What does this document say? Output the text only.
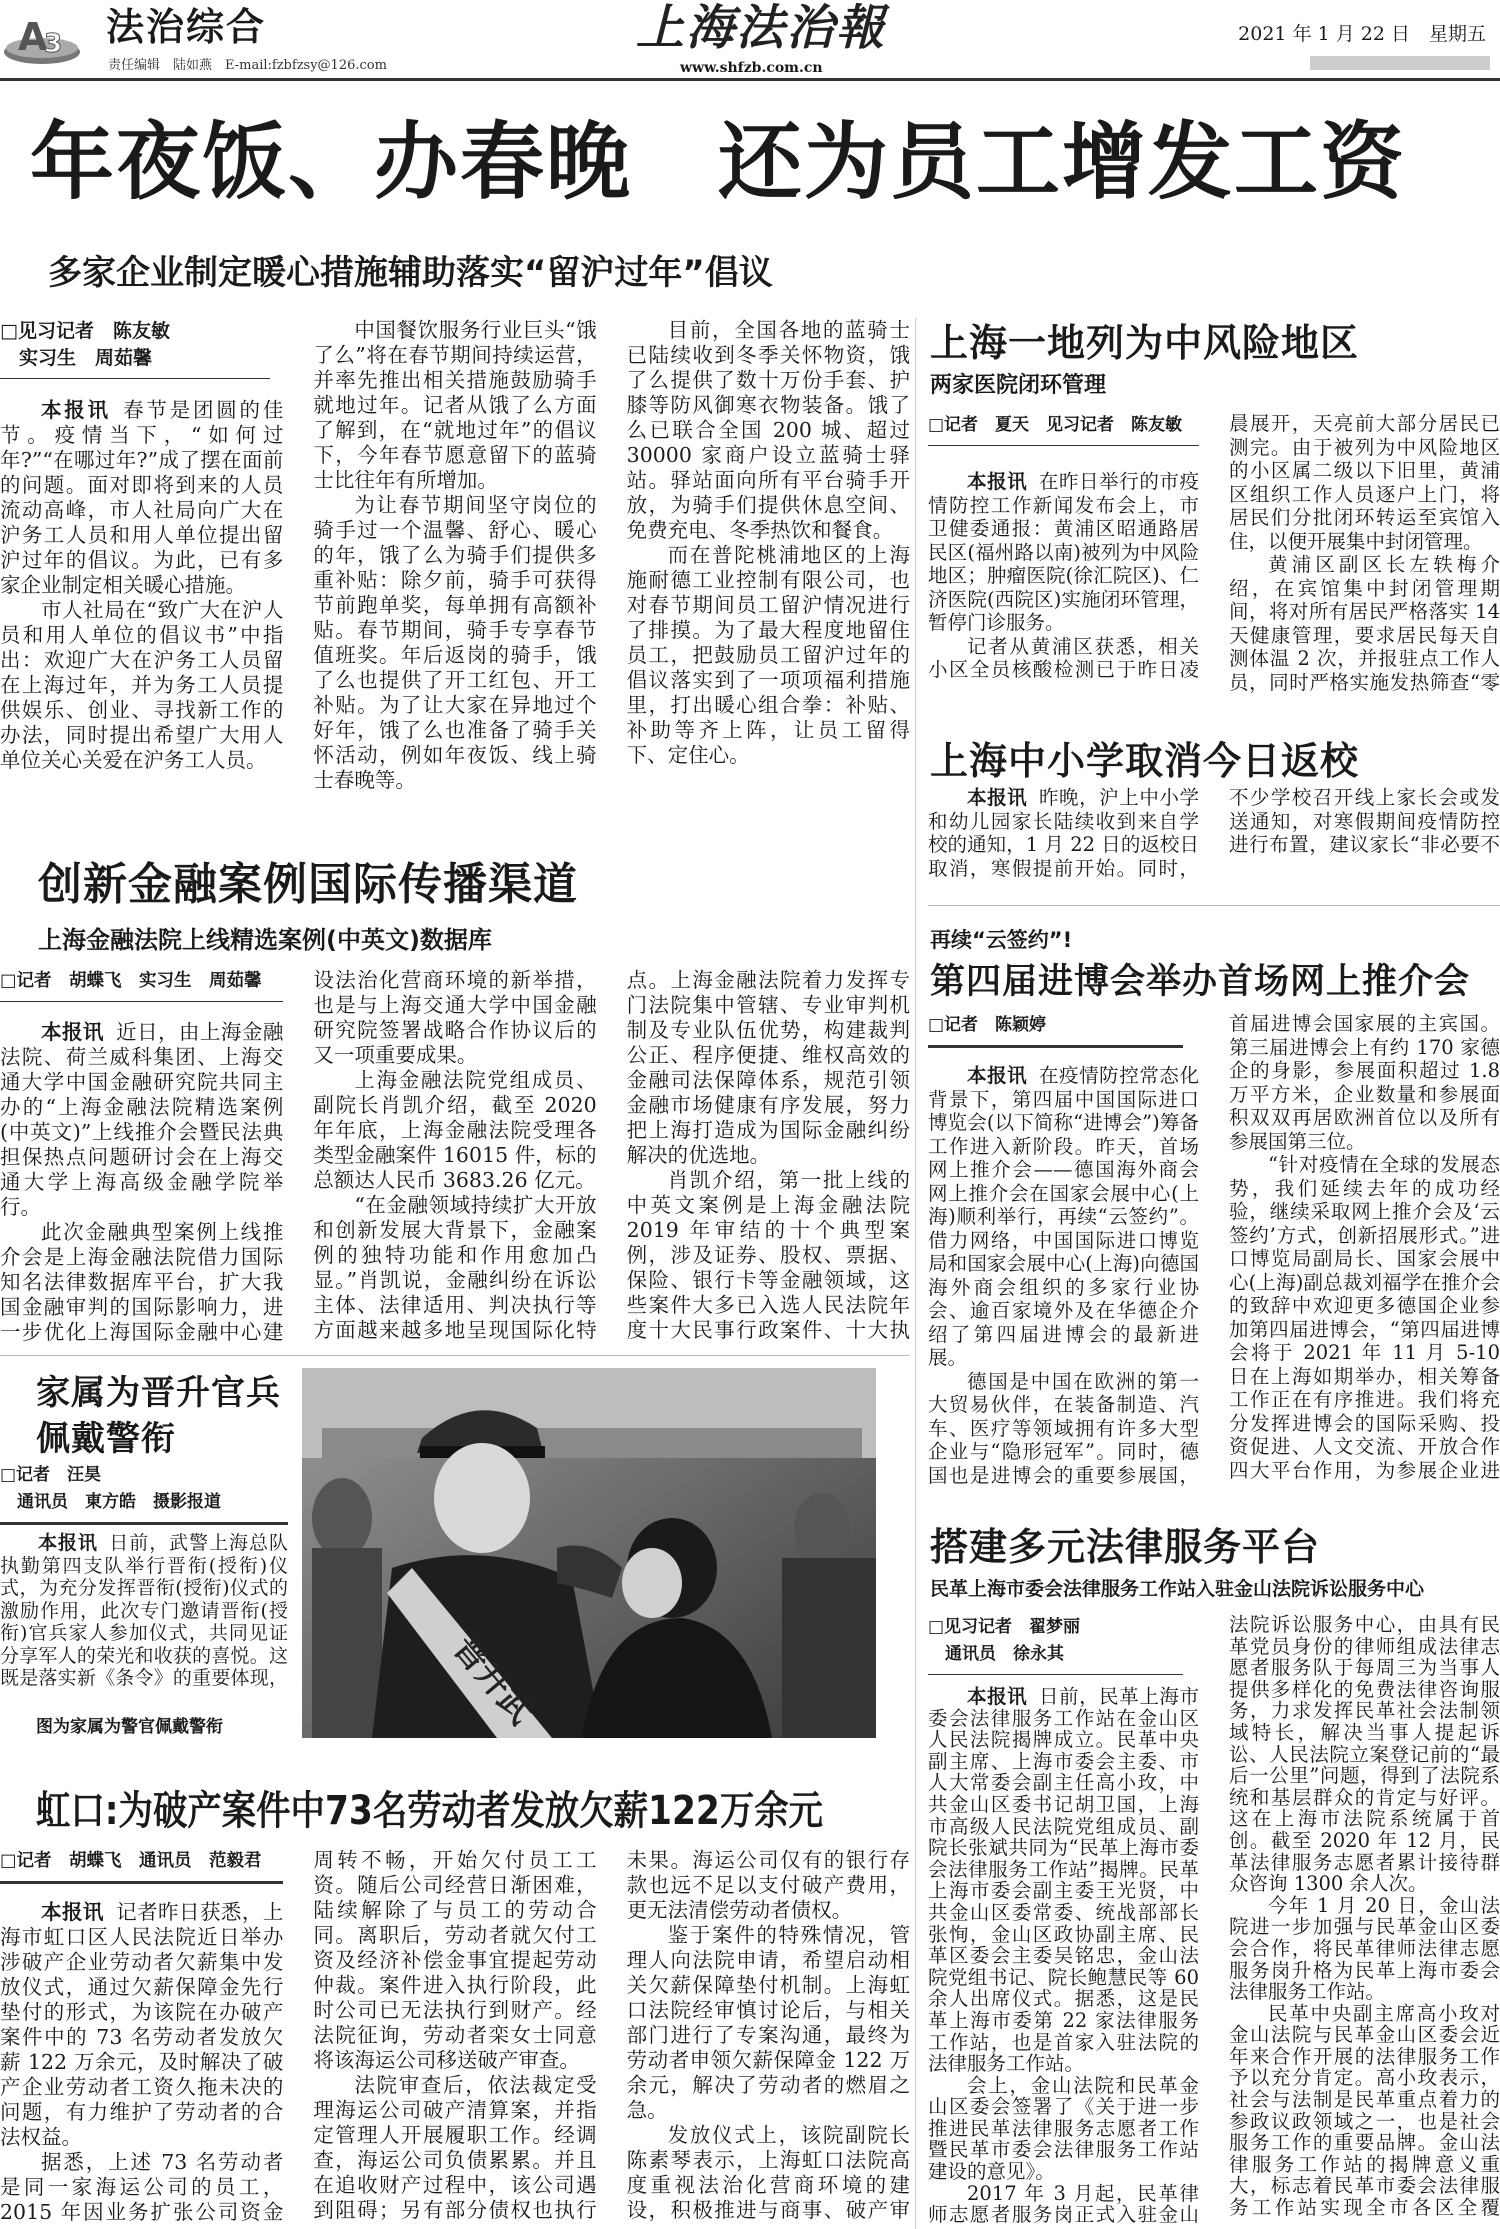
A
3 法治综合
责任编辑　陆如燕　E-mail:fzbfzsy@126.com
上海法治報
www.shfzb.com.cn
2021 年 1 月 22 日　星期五
年夜饭、办春晚　还为员工增发工资
多家企业制定暖心措施辅助落实“留沪过年”倡议
□见习记者　陈友敏
　实习生　周茹馨

本报讯 春节是团圆的佳节。疫情当下，“如何过年?”“在哪过年?”成了摆在面前的问题。面对即将到来的人员流动高峰，市人社局向广大在沪务工人员和用人单位提出留沪过年的倡议。为此，已有多家企业制定相关暖心措施。

市人社局在“致广大在沪人员和用人单位的倡议书”中指出：欢迎广大在沪务工人员留在上海过年，并为务工人员提供娱乐、创业、寻找新工作的办法，同时提出希望广大用人单位关心关爱在沪务工人员。

中国餐饮服务行业巨头“饿了么”将在春节期间持续运营，并率先推出相关措施鼓励骑手就地过年。记者从饿了么方面了解到，在“就地过年”的倡议下，今年春节愿意留下的蓝骑士比往年有所增加。

为让春节期间坚守岗位的骑手过一个温馨、舒心、暖心的年，饿了么为骑手们提供多重补贴：除夕前，骑手可获得节前跑单奖，每单拥有高额补贴。春节期间，骑手专享春节值班奖。年后返岗的骑手，饿了么也提供了开工红包、开工补贴。为了让大家在异地过个好年，饿了么也准备了骑手关怀活动，例如年夜饭、线上骑士春晚等。

目前，全国各地的蓝骑士已陆续收到冬季关怀物资，饿了么提供了数十万份手套、护膝等防风御寒衣物装备。饿了么已联合全国 200 城、超过 30000 家商户设立蓝骑士驿站。驿站面向所有平台骑手开放，为骑手们提供休息空间、免费充电、冬季热饮和餐食。

而在普陀桃浦地区的上海施耐德工业控制有限公司，也对春节期间员工留沪情况进行了排摸。为了最大程度地留住员工，把鼓励员工留沪过年的倡议落实到了一项项福利措施里，打出暖心组合拳：补贴、补助等齐上阵，让员工留得下、定住心。

上海一地列为中风险地区
两家医院闭环管理
□记者　夏天　见习记者　陈友敏

本报讯 在昨日举行的市疫情防控工作新闻发布会上，市卫健委通报：黄浦区昭通路居民区(福州路以南)被列为中风险地区；肿瘤医院(徐汇院区)、仁济医院(西院区)实施闭环管理，暂停门诊服务。

记者从黄浦区获悉，相关小区全员核酸检测已于昨日凌晨展开，天亮前大部分居民已测完。由于被列为中风险地区的小区属二级以下旧里，黄浦区组织工作人员逐户上门，将居民们分批闭环转运至宾馆入住，以便开展集中封闭管理。

黄浦区副区长左轶梅介绍，在宾馆集中封闭管理期间，将对所有居民严格落实 14 天健康管理，要求居民每天自测体温 2 次，并报驻点工作人员，同时严格实施发热筛查“零

上海中小学取消今日返校

本报讯 昨晚，沪上中小学和幼儿园家长陆续收到来自学校的通知，1 月 22 日的返校日取消，寒假提前开始。同时，不少学校召开线上家长会或发送通知，对寒假期间疫情防控进行布置，建议家长“非必要不

再续“云签约”!
第四届进博会举办首场网上推介会
□记者　陈颖婷

本报讯 在疫情防控常态化背景下，第四届中国国际进口博览会(以下简称“进博会”)筹备工作进入新阶段。昨天，首场网上推介会——德国海外商会网上推介会在国家会展中心(上海)顺利举行，再续“云签约”。借力网络，中国国际进口博览局和国家会展中心(上海)向德国海外商会组织的多家行业协会、逾百家境外及在华德企介绍了第四届进博会的最新进展。

德国是中国在欧洲的第一大贸易伙伴，在装备制造、汽车、医疗等领域拥有许多大型企业与“隐形冠军”。同时，德国也是进博会的重要参展国，首届进博会国家展的主宾国。第三届进博会上有约 170 家德企的身影，参展面积超过 1.8 万平方米，企业数量和参展面积双双再居欧洲首位以及所有参展国第三位。

“针对疫情在全球的发展态势，我们延续去年的成功经验，继续采取网上推介会及‘云签约’方式，创新招展形式。”进口博览局副局长、国家会展中心(上海)副总裁刘福学在推介会的致辞中欢迎更多德国企业参加第四届进博会，“第四届进博会将于 2021 年 11 月 5-10 日在上海如期举办，相关筹备工作正在有序推进。我们将充分发挥进博会的国际采购、投资促进、人文交流、开放合作四大平台作用，为参展企业进

搭建多元法律服务平台
民革上海市委会法律服务工作站入驻金山法院诉讼服务中心
□见习记者　翟梦丽
　通讯员　徐永其

本报讯 日前，民革上海市委会法律服务工作站在金山区人民法院揭牌成立。民革中央副主席、上海市委会主委、市人大常委会副主任高小玫，中共金山区委书记胡卫国，上海市高级人民法院党组成员、副院长张斌共同为“民革上海市委会法律服务工作站”揭牌。民革上海市委会副主委王光贤，中共金山区委常委、统战部部长张恂，金山区政协副主席、民革区委会主委吴铭忠，金山法院党组书记、院长鲍慧民等 60 余人出席仪式。据悉，这是民革上海市委第 22 家法律服务工作站，也是首家入驻法院的法律服务工作站。

会上，金山法院和民革金山区委会签署了《关于进一步推进民革法律服务志愿者工作暨民革市委会法律服务工作站建设的意见》。

2017 年 3 月起，民革律师志愿者服务岗正式入驻金山法院诉讼服务中心，由具有民革党员身份的律师组成法律志愿者服务队于每周三为当事人提供多样化的免费法律咨询服务，力求发挥民革社会法制领域特长，解决当事人提起诉讼、人民法院立案登记前的“最后一公里”问题，得到了法院系统和基层群众的肯定与好评。这在上海市法院系统属于首创。截至 2020 年 12 月，民革法律服务志愿者累计接待群众咨询 1300 余人次。

今年 1 月 20 日，金山法院进一步加强与民革金山区委会合作，将民革律师法律志愿服务岗升格为民革上海市委会法律服务工作站。

民革中央副主席高小玫对金山法院与民革金山区委会近年来合作开展的法律服务工作予以充分肯定。高小玫表示，社会与法制是民革重点着力的参政议政领域之一，也是社会服务工作的重要品牌。金山法律服务工作站的揭牌意义重大，标志着民革市委会法律服务工作站实现全市各区全覆

创新金融案例国际传播渠道
上海金融法院上线精选案例(中英文)数据库
□记者　胡蝶飞　实习生　周茹馨

本报讯 近日，由上海金融法院、荷兰威科集团、上海交通大学中国金融研究院共同主办的“上海金融法院精选案例(中英文)”上线推介会暨民法典担保热点问题研讨会在上海交通大学上海高级金融学院举行。

此次金融典型案例上线推介会是上海金融法院借力国际知名法律数据库平台，扩大我国金融审判的国际影响力，进一步优化上海国际金融中心建设法治化营商环境的新举措，也是与上海交通大学中国金融研究院签署战略合作协议后的又一项重要成果。

上海金融法院党组成员、副院长肖凯介绍，截至 2020 年年底，上海金融法院受理各类型金融案件 16015 件，标的总额达人民币 3683.26 亿元。

“在金融领域持续扩大开放和创新发展大背景下，金融案例的独特功能和作用愈加凸显。”肖凯说，金融纠纷在诉讼主体、法律适用、判决执行等方面越来越多地呈现国际化特点。上海金融法院着力发挥专门法院集中管辖、专业审判机制及专业队伍优势，构建裁判公正、程序便捷、维权高效的金融司法保障体系，规范引领金融市场健康有序发展，努力把上海打造成为国际金融纠纷解决的优选地。

肖凯介绍，第一批上线的中英文案例是上海金融法院 2019 年审结的十个典型案例，涉及证券、股权、票据、保险、银行卡等金融领域，这些案件大多已入选人民法院年度十大民事行政案件、十大执

家属为晋升官兵
佩戴警衔
□记者　汪昊
　通讯员　東方皓　摄影报道

本报讯 日前，武警上海总队执勤第四支队举行晋衔(授衔)仪式，为充分发挥晋衔(授衔)仪式的激励作用，此次专门邀请晋衔(授衔)官兵家人参加仪式，共同见证分享军人的荣光和收获的喜悦。这既是落实新《条令》的重要体现，

图为家属为警官佩戴警衔	晋升武
虹口:为破产案件中73名劳动者发放欠薪122万余元
□记者　胡蝶飞　通讯员　范毅君

本报讯 记者昨日获悉，上海市虹口区人民法院近日举办涉破产企业劳动者欠薪集中发放仪式，通过欠薪保障金先行垫付的形式，为该院在办破产案件中的 73 名劳动者发放欠薪 122 万余元，及时解决了破产企业劳动者工资久拖未决的问题，有力维护了劳动者的合法权益。

据悉，上述 73 名劳动者是同一家海运公司的员工，2015 年因业务扩张公司资金周转不畅，开始欠付员工工资。随后公司经营日渐困难，陆续解除了与员工的劳动合同。离职后，劳动者就欠付工资及经济补偿金事宜提起劳动仲裁。案件进入执行阶段，此时公司已无法执行到财产。经法院征询，劳动者栾女士同意将该海运公司移送破产审查。

法院审查后，依法裁定受理海运公司破产清算案，并指定管理人开展履职工作。经调查，海运公司负债累累。并且在追收财产过程中，该公司遇到阻碍；另有部分债权也执行未果。海运公司仅有的银行存款也远不足以支付破产费用，更无法清偿劳动者债权。

鉴于案件的特殊情况，管理人向法院申请，希望启动相关欠薪保障垫付机制。上海虹口法院经审慎讨论后，与相关部门进行了专案沟通，最终为劳动者申领欠薪保障金 122 万余元，解决了劳动者的燃眉之急。

发放仪式上，该院副院长陈素琴表示，上海虹口法院高度重视法治化营商环境的建设，积极推进与商事、破产审
